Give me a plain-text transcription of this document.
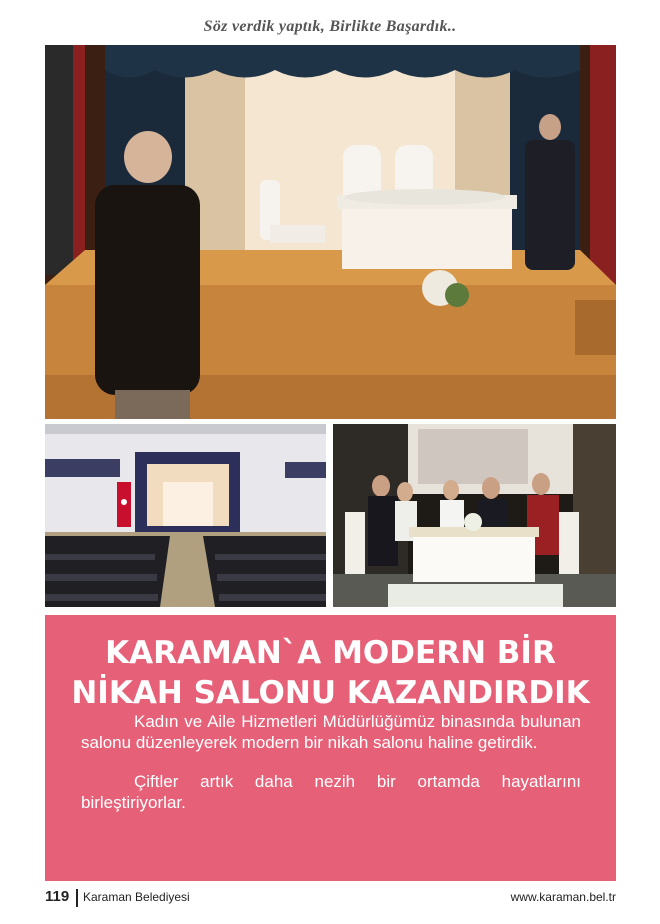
Söz verdik yaptık, Birlikte Başardık..
KARAMAN`A MODERN BİR
NİKAH SALONU KAZANDIRDIK

Kadın ve Aile Hizmetleri Müdürlüğümüz binasında bulunan salonu düzenleyerek modern bir nikah salonu haline getirdik.

Çiftler artık daha nezih bir ortamda hayatlarını birleştiriyorlar.

119 Karaman Belediyesi	www.karaman.bel.tr
